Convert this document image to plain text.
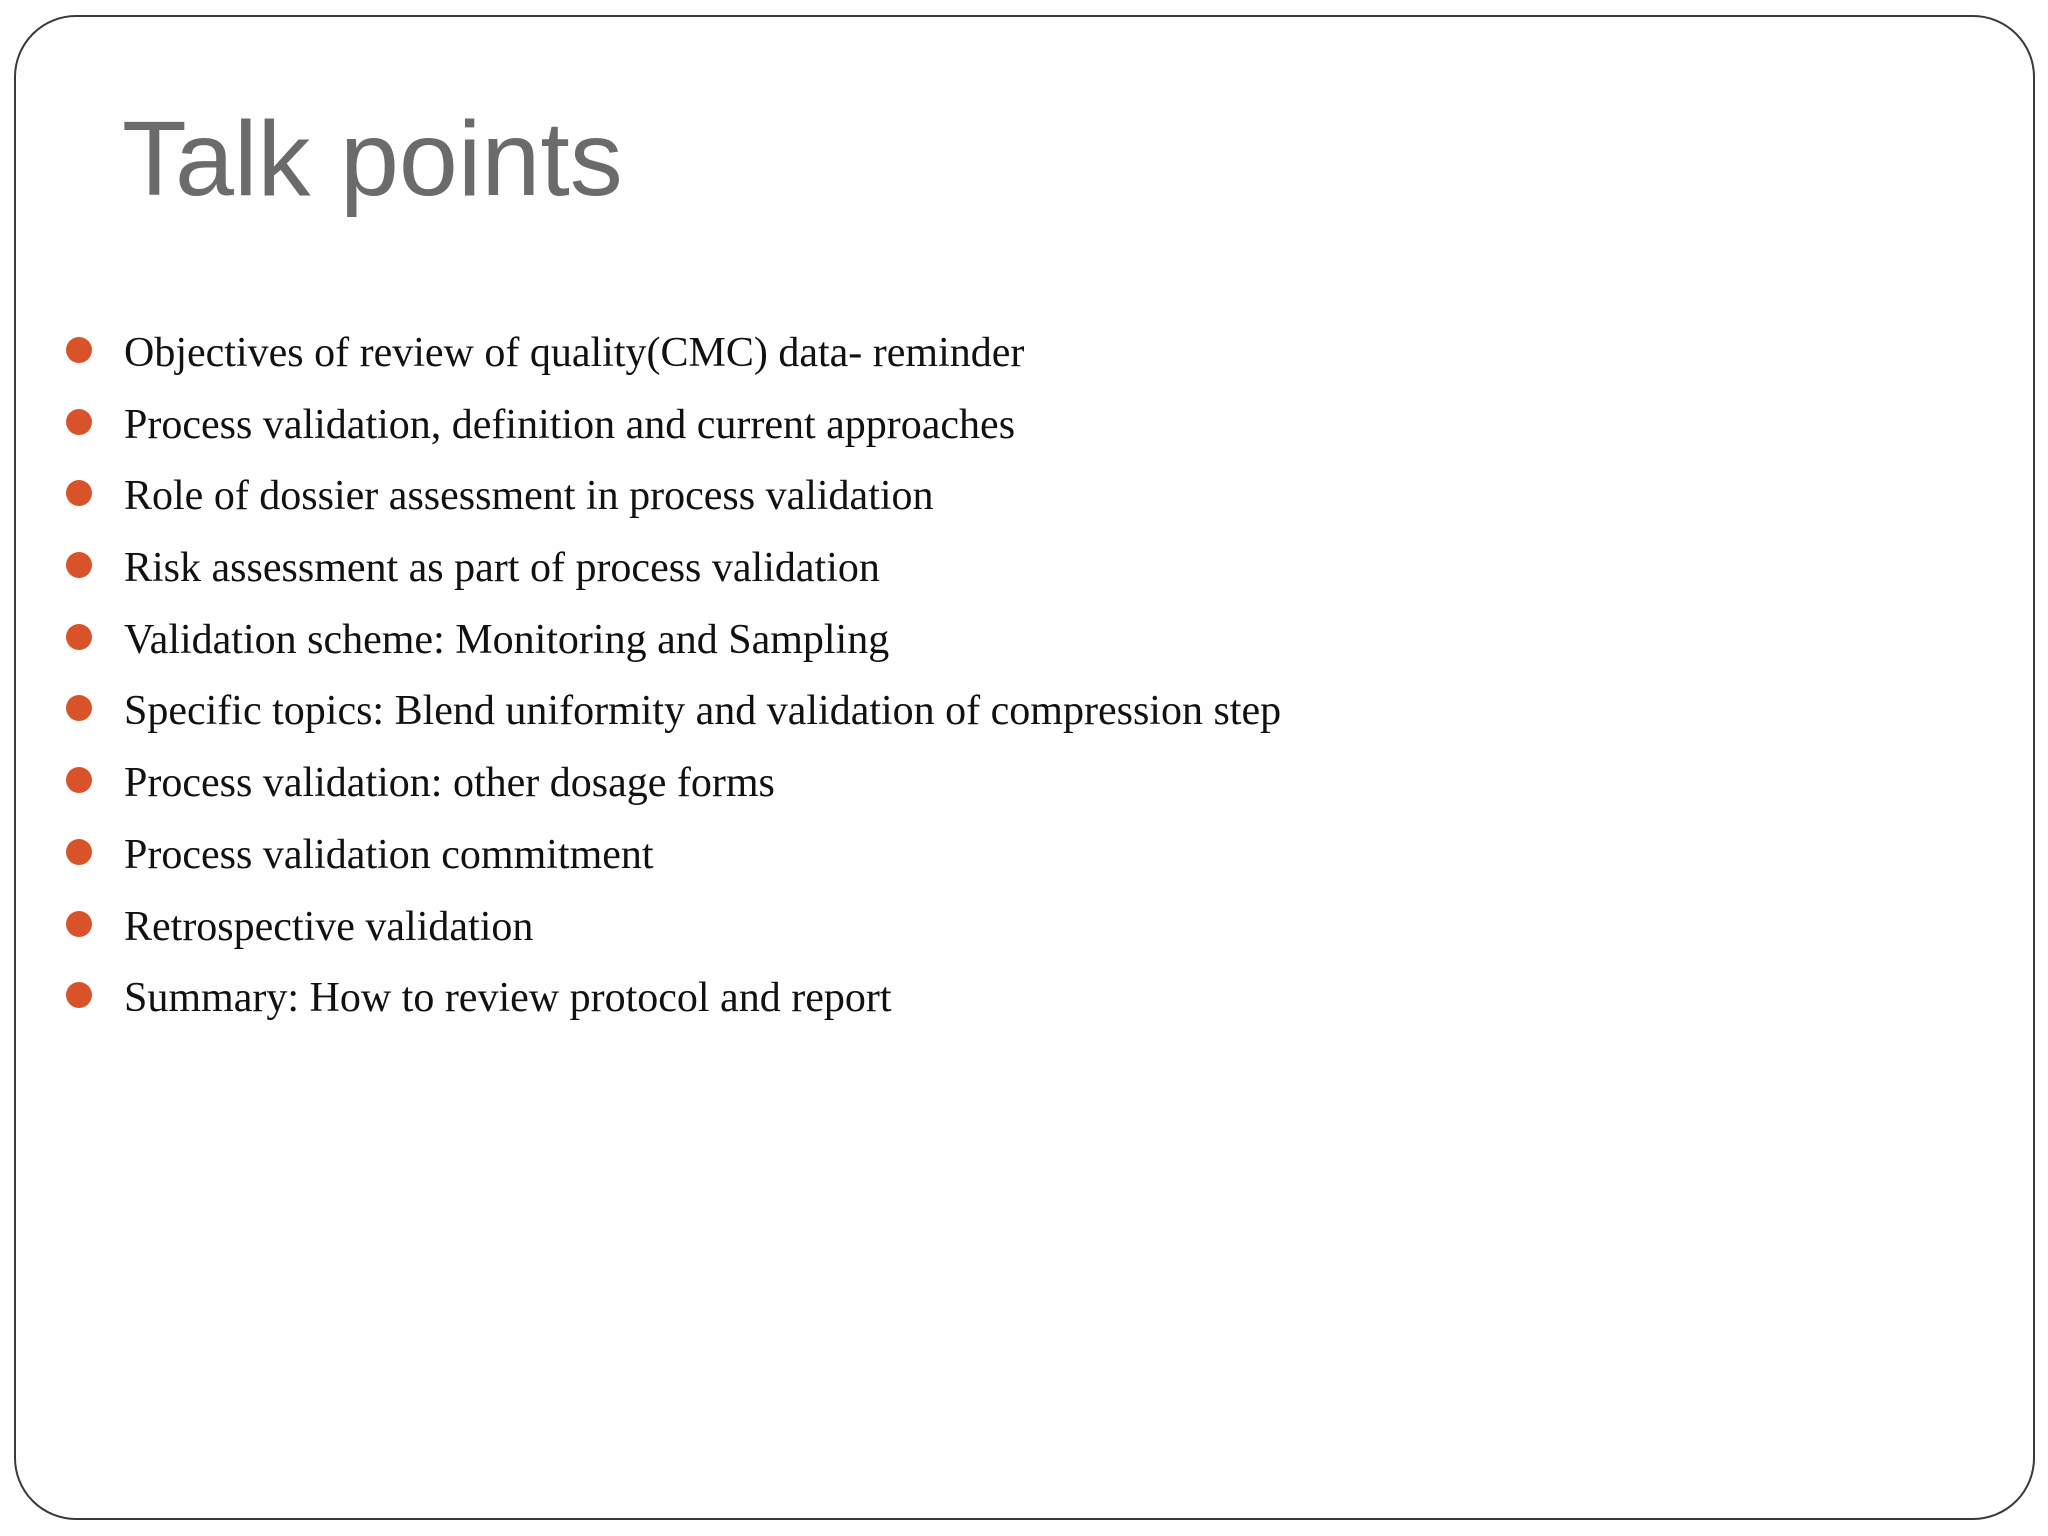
Talk points
Objectives of review of quality(CMC) data- reminder
Process validation, definition and current approaches
Role of dossier assessment in process validation
Risk assessment as part of process validation
Validation scheme: Monitoring and Sampling
Specific topics: Blend uniformity and validation of compression step
Process validation: other dosage forms
Process validation commitment
Retrospective validation
Summary: How to review protocol and report
